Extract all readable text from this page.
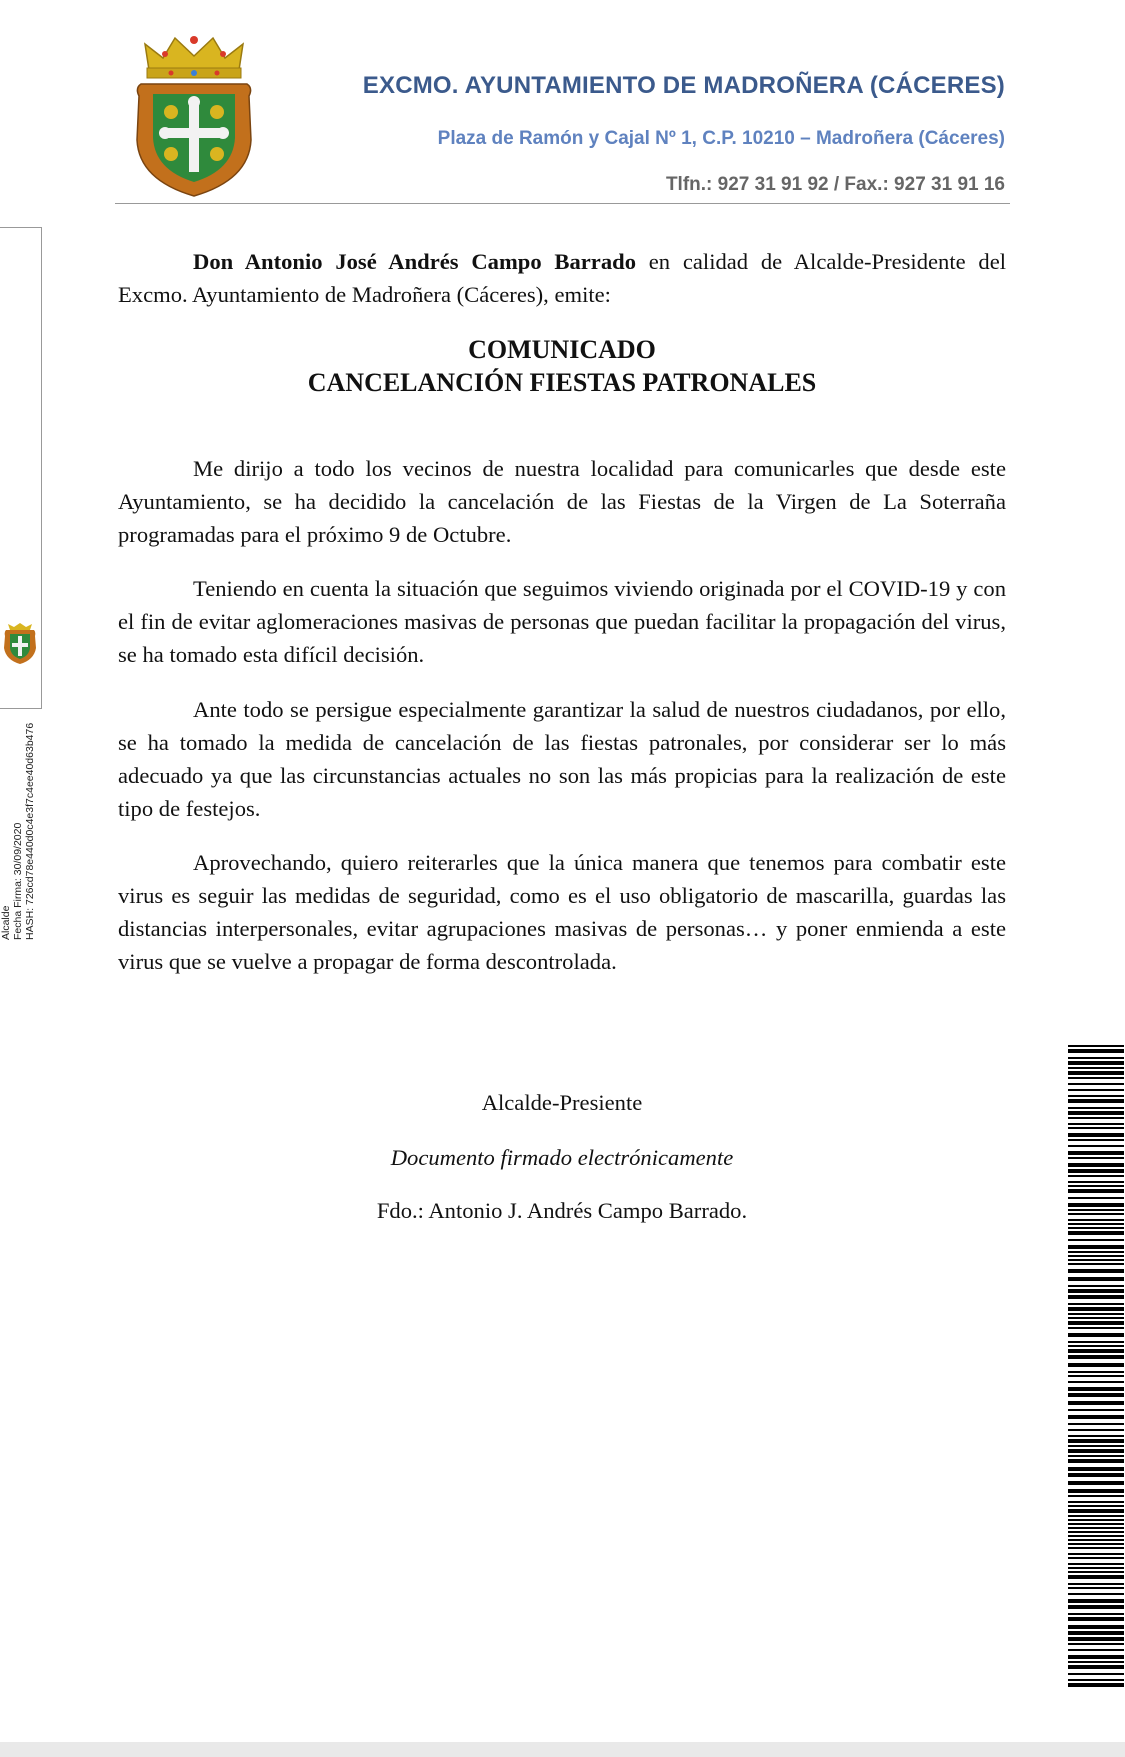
EXCMO. AYUNTAMIENTO DE MADROÑERA (CÁCERES)
Plaza de Ramón y Cajal Nº 1, C.P. 10210 – Madroñera (Cáceres)
Tlfn.: 927 31 91 92 / Fax.: 927 31 91 16
Alcalde Fecha Firma: 30/09/2020 HASH: 726cd78e440d0c4e3f7c4ee40d63b476
Don Antonio José Andrés Campo Barrado en calidad de Alcalde-Presidente del Excmo. Ayuntamiento de Madroñera (Cáceres), emite:
COMUNICADO
CANCELANCIÓN FIESTAS PATRONALES
Me dirijo a todo los vecinos de nuestra localidad para comunicarles que desde este Ayuntamiento, se ha decidido la cancelación de las Fiestas de la Virgen de La Soterraña programadas para el próximo 9 de Octubre.
Teniendo en cuenta la situación que seguimos viviendo originada por el COVID-19 y con el fin de evitar aglomeraciones masivas de personas que puedan facilitar la propagación del virus, se ha tomado esta difícil decisión.
Ante todo se persigue especialmente garantizar la salud de nuestros ciudadanos, por ello, se ha tomado la medida de cancelación de las fiestas patronales, por considerar ser lo más adecuado ya que las circunstancias actuales no son las más propicias para la realización de este tipo de festejos.
Aprovechando, quiero reiterarles que la única manera que tenemos para combatir este virus es seguir las medidas de seguridad, como es el uso obligatorio de mascarilla, guardas las distancias interpersonales, evitar agrupaciones masivas de personas… y poner enmienda a este virus que se vuelve a propagar de forma descontrolada.
Alcalde-Presiente
Documento firmado electrónicamente
Fdo.: Antonio J. Andrés Campo Barrado.
